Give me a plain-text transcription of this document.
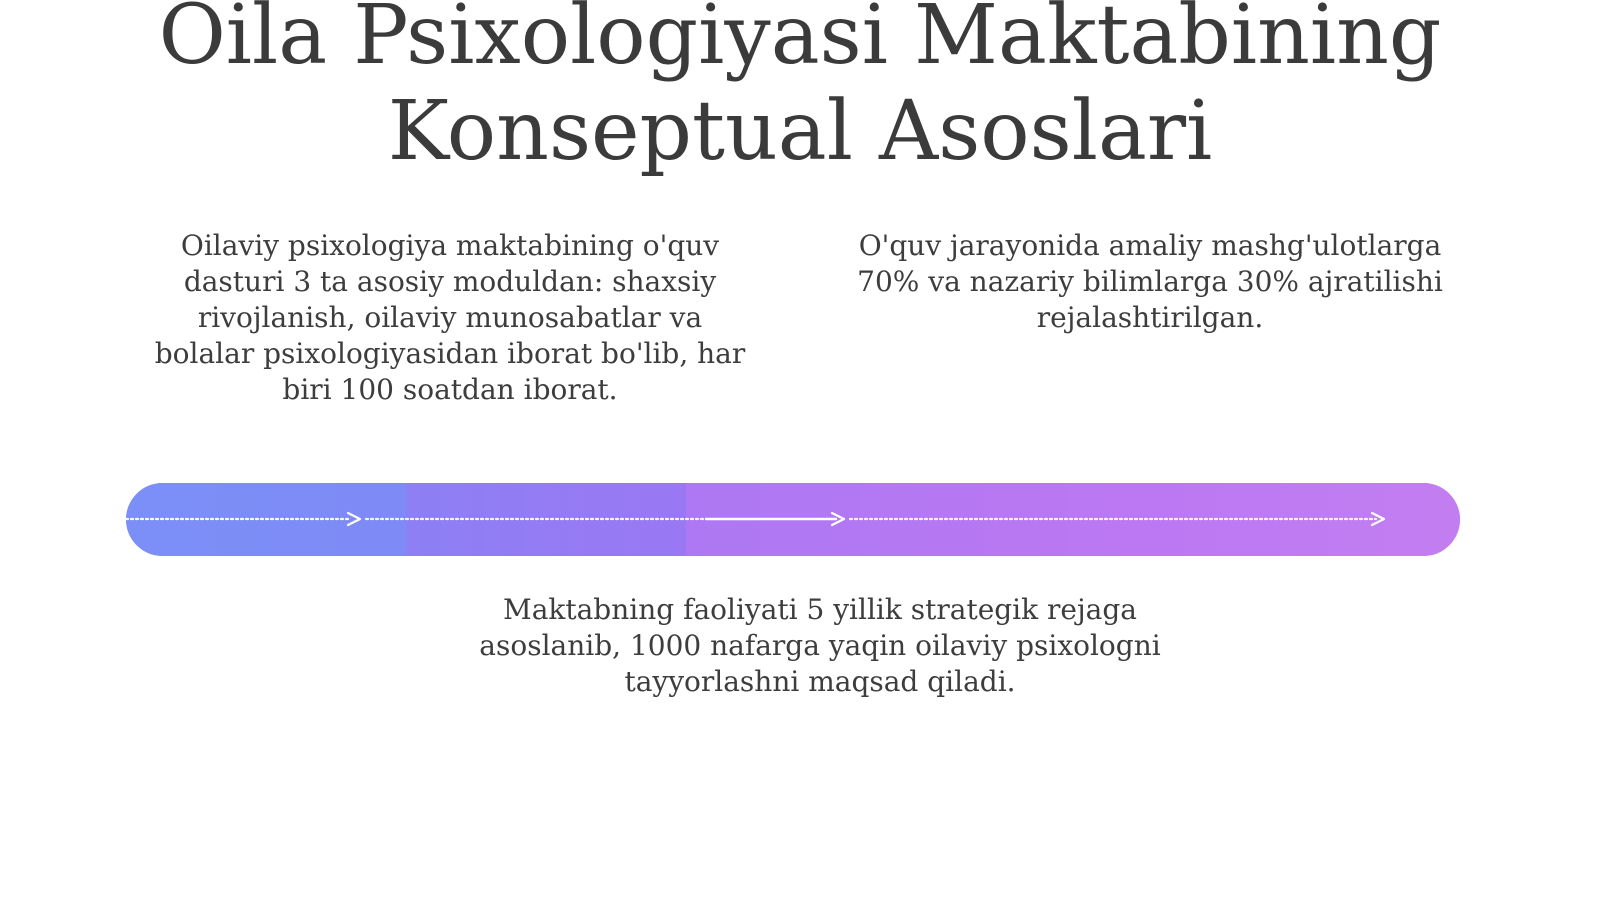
Oila Psixologiyasi Maktabining Konseptual Asoslari

Oilaviy psixologiya maktabining o'quv dasturi 3 ta asosiy moduldan: shaxsiy rivojlanish, oilaviy munosabatlar va bolalar psixologiyasidan iborat bo'lib, har biri 100 soatdan iborat.

O'quv jarayonida amaliy mashg'ulotlarga 70% va nazariy bilimlarga 30% ajratilishi rejalashtirilgan.

Maktabning faoliyati 5 yillik strategik rejaga asoslanib, 1000 nafarga yaqin oilaviy psixologni tayyorlashni maqsad qiladi.
